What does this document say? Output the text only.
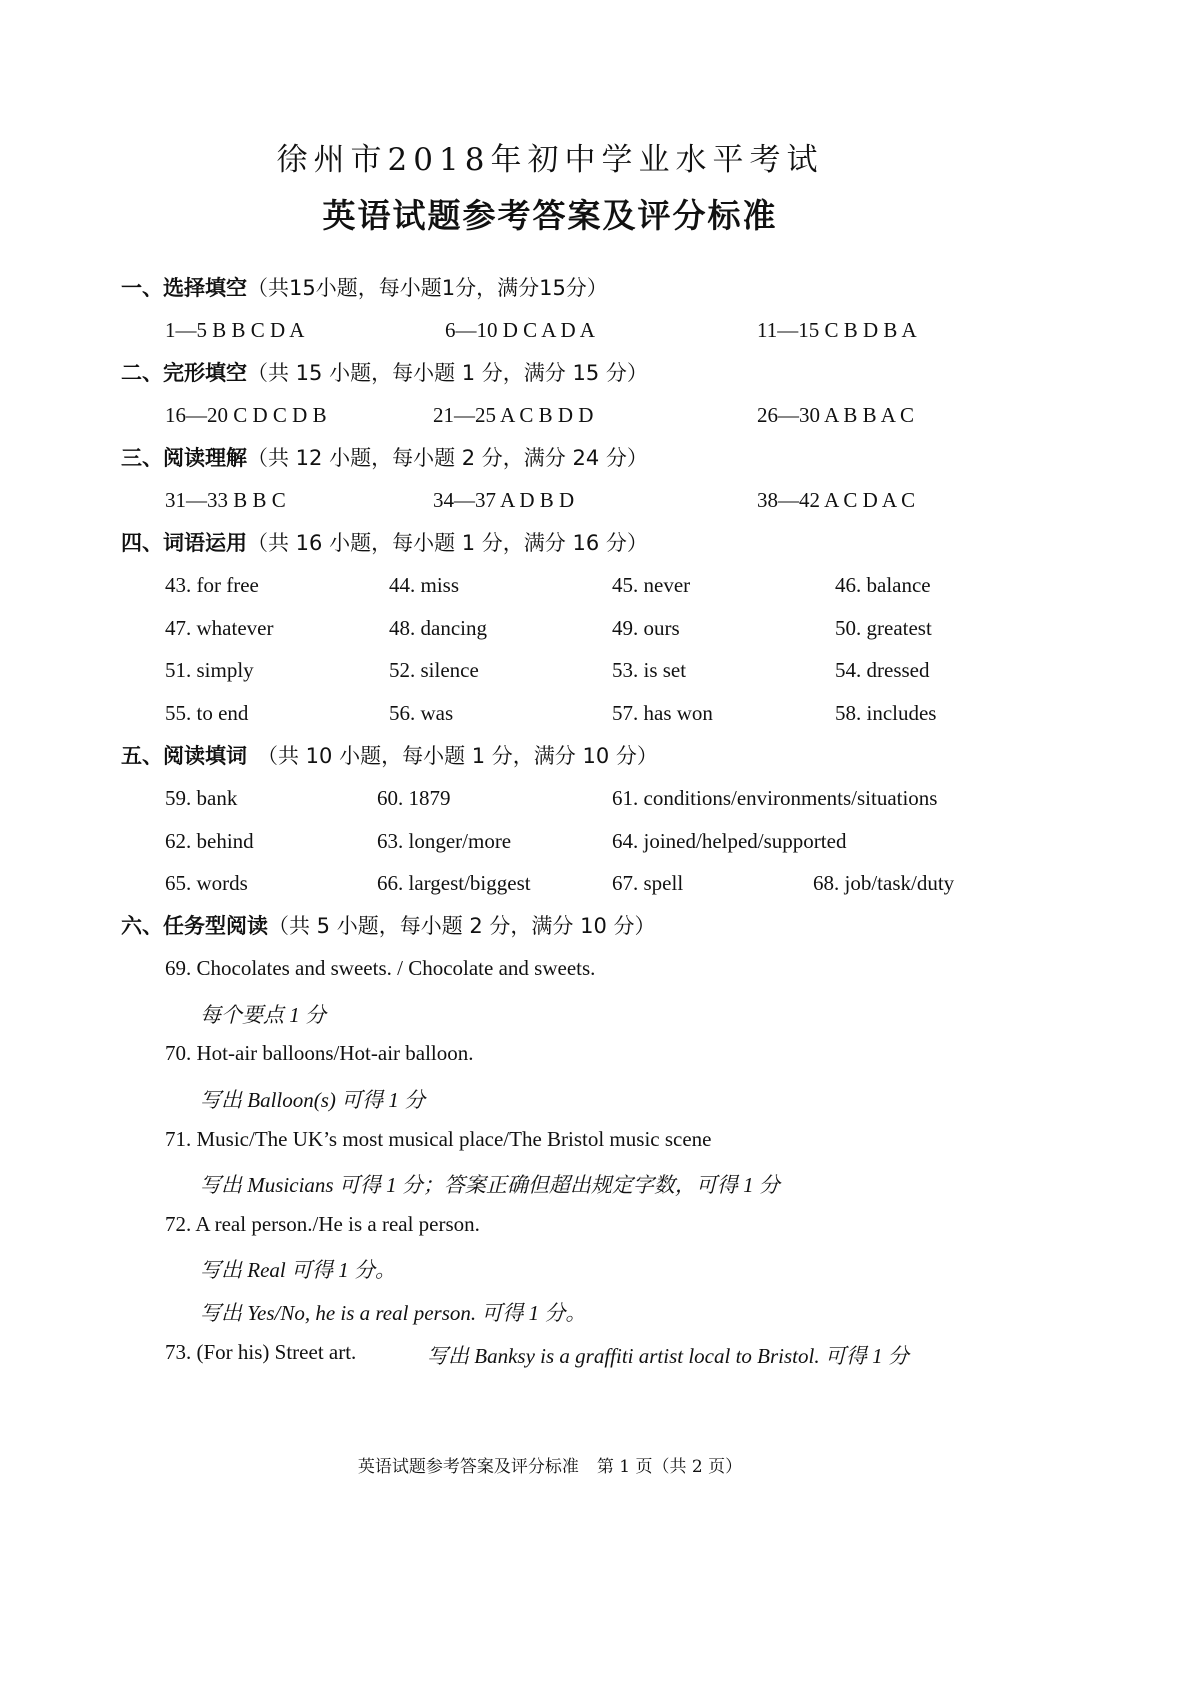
徐州市2018年初中学业水平考试
英语试题参考答案及评分标准
一、选择填空（共15小题，每小题1分，满分15分）
1—5 B B C D A	6—10 D C A D A	11—15 C B D B A
二、完形填空（共 15 小题，每小题 1 分，满分 15 分）
16—20 C D C D B	21—25 A C B D D	26—30 A B B A C
三、阅读理解（共 12 小题，每小题 2 分，满分 24 分）
31—33 B B C	34—37 A D B D	38—42 A C D A C
四、词语运用（共 16 小题，每小题 1 分，满分 16 分）
43. for free	44. miss	45. never	46. balance
47. whatever	48. dancing	49. ours	50. greatest
51. simply	52. silence	53. is set	54. dressed
55. to end	56. was	57. has won	58. includes
五、阅读填词 （共 10 小题，每小题 1 分，满分 10 分）
59. bank	60. 1879	61. conditions/environments/situations
62. behind	63. longer/more	64. joined/helped/supported
65. words	66. largest/biggest	67. spell	68. job/task/duty
六、任务型阅读（共 5 小题，每小题 2 分，满分 10 分）
69. Chocolates and sweets. / Chocolate and sweets.
每个要点 1 分
70. Hot-air balloons/Hot-air balloon.
写出 Balloon(s) 可得 1 分
71. Music/The UK’s most musical place/The Bristol music scene
写出 Musicians 可得 1 分；答案正确但超出规定字数，可得 1 分
72. A real person./He is a real person.
写出 Real 可得 1 分。
写出 Yes/No, he is a real person. 可得 1 分。
73. (For his) Street art.	写出 Banksy is a graffiti artist local to Bristol. 可得 1 分
英语试题参考答案及评分标准 第 1 页（共 2 页）
